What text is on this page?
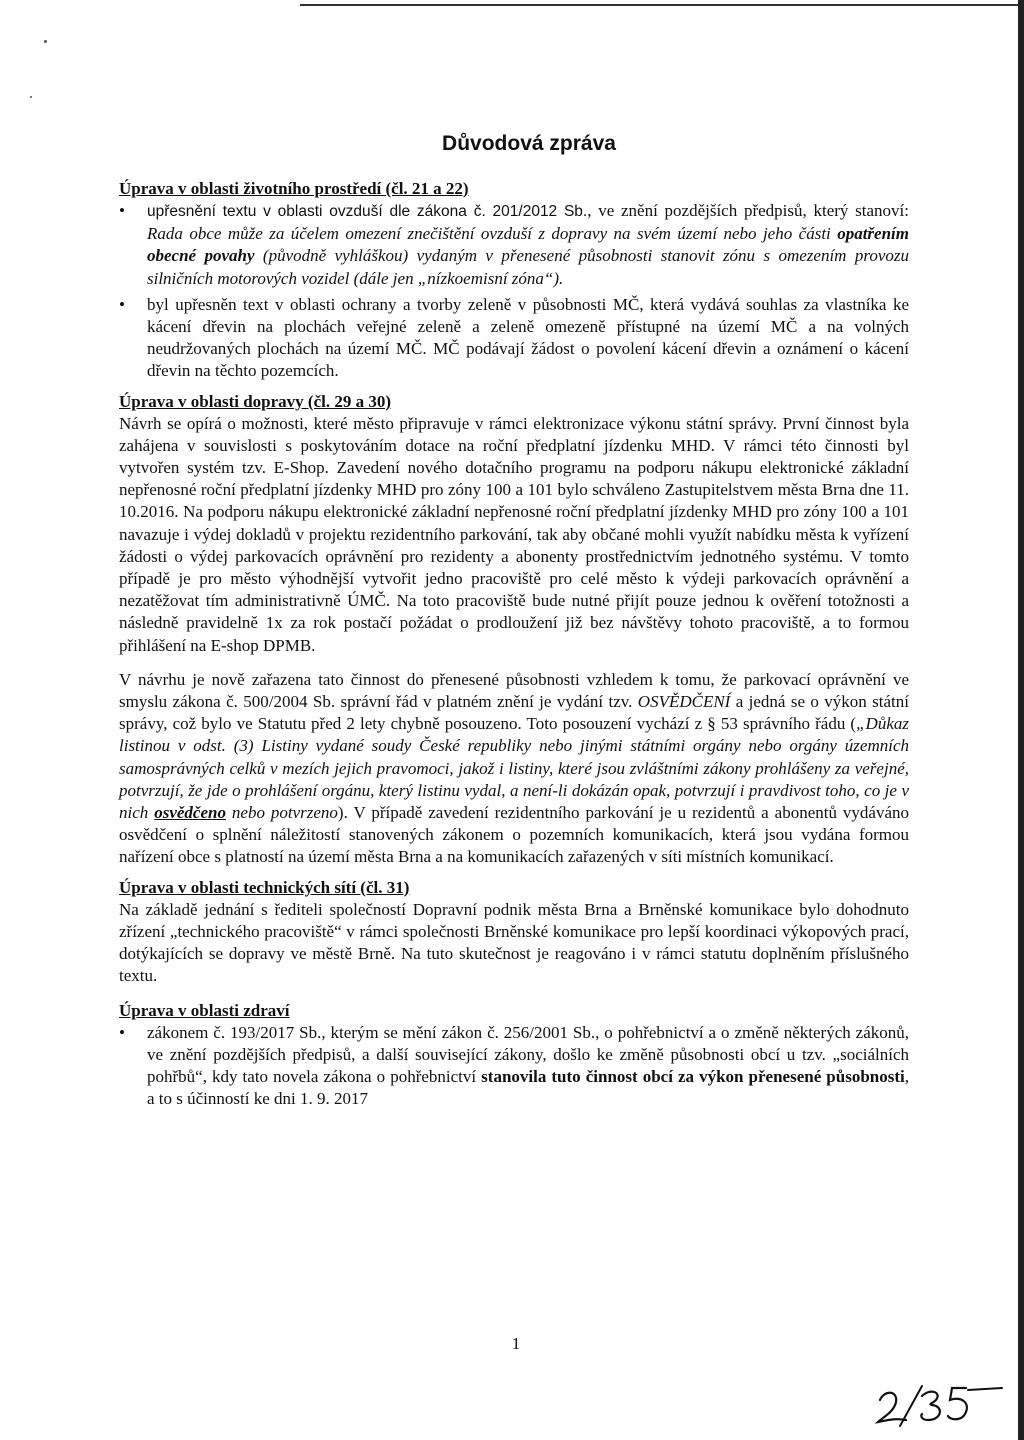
Důvodová zpráva
Úprava v oblasti životního prostředí (čl. 21 a 22)
• upřesnění textu v oblasti ovzduší dle zákona č. 201/2012 Sb., ve znění pozdějších předpisů, který stanoví: Rada obce může za účelem omezení znečištění ovzduší z dopravy na svém území nebo jeho části opatřením obecné povahy (původně vyhláškou) vydaným v přenesené působnosti stanovit zónu s omezením provozu silničních motorových vozidel (dále jen „nízkoemisní zóna“).
• byl upřesněn text v oblasti ochrany a tvorby zeleně v působnosti MČ, která vydává souhlas za vlastníka ke kácení dřevin na plochách veřejné zeleně a zeleně omezeně přístupné na území MČ a na volných neudržovaných plochách na území MČ. MČ podávají žádost o povolení kácení dřevin a oznámení o kácení dřevin na těchto pozemcích.
Úprava v oblasti dopravy (čl. 29 a 30)

Návrh se opírá o možnosti, které město připravuje v rámci elektronizace výkonu státní správy. První činnost byla zahájena v souvislosti s poskytováním dotace na roční předplatní jízdenku MHD. V rámci této činnosti byl vytvořen systém tzv. E-Shop. Zavedení nového dotačního programu na podporu nákupu elektronické základní nepřenosné roční předplatní jízdenky MHD pro zóny 100 a 101 bylo schváleno Zastupitelstvem města Brna dne 11. 10.2016. Na podporu nákupu elektronické základní nepřenosné roční předplatní jízdenky MHD pro zóny 100 a 101 navazuje i výdej dokladů v projektu rezidentního parkování, tak aby občané mohli využít nabídku města k vyřízení žádosti o výdej parkovacích oprávnění pro rezidenty a abonenty prostřednictvím jednotného systému. V tomto případě je pro město výhodnější vytvořit jedno pracoviště pro celé město k výdeji parkovacích oprávnění a nezatěžovat tím administrativně ÚMČ. Na toto pracoviště bude nutné přijít pouze jednou k ověření totožnosti a následně pravidelně 1x za rok postačí požádat o prodloužení již bez návštěvy tohoto pracoviště, a to formou přihlášení na E-shop DPMB.

V návrhu je nově zařazena tato činnost do přenesené působnosti vzhledem k tomu, že parkovací oprávnění ve smyslu zákona č. 500/2004 Sb. správní řád v platném znění je vydání tzv. OSVĚDČENÍ a jedná se o výkon státní správy, což bylo ve Statutu před 2 lety chybně posouzeno. Toto posouzení vychází z § 53 správního řádu („Důkaz listinou v odst. (3) Listiny vydané soudy České republiky nebo jinými státními orgány nebo orgány územních samosprávných celků v mezích jejich pravomoci, jakož i listiny, které jsou zvláštními zákony prohlášeny za veřejné, potvrzují, že jde o prohlášení orgánu, který listinu vydal, a není-li dokázán opak, potvrzují i pravdivost toho, co je v nich osvědčeno nebo potvrzeno). V případě zavedení rezidentního parkování je u rezidentů a abonentů vydáváno osvědčení o splnění náležitostí stanovených zákonem o pozemních komunikacích, která jsou vydána formou nařízení obce s platností na území města Brna a na komunikacích zařazených v síti místních komunikací.

Úprava v oblasti technických sítí (čl. 31)

Na základě jednání s řediteli společností Dopravní podnik města Brna a Brněnské komunikace bylo dohodnuto zřízení „technického pracoviště“ v rámci společnosti Brněnské komunikace pro lepší koordinaci výkopových prací, dotýkajících se dopravy ve městě Brně. Na tuto skutečnost je reagováno i v rámci statutu doplněním příslušného textu.

Úprava v oblasti zdraví
• zákonem č. 193/2017 Sb., kterým se mění zákon č. 256/2001 Sb., o pohřebnictví a o změně některých zákonů, ve znění pozdějších předpisů, a další související zákony, došlo ke změně působnosti obcí u tzv. „sociálních pohřbů“, kdy tato novela zákona o pohřebnictví stanovila tuto činnost obcí za výkon přenesené působnosti, a to s účinností ke dni 1. 9. 2017
1
